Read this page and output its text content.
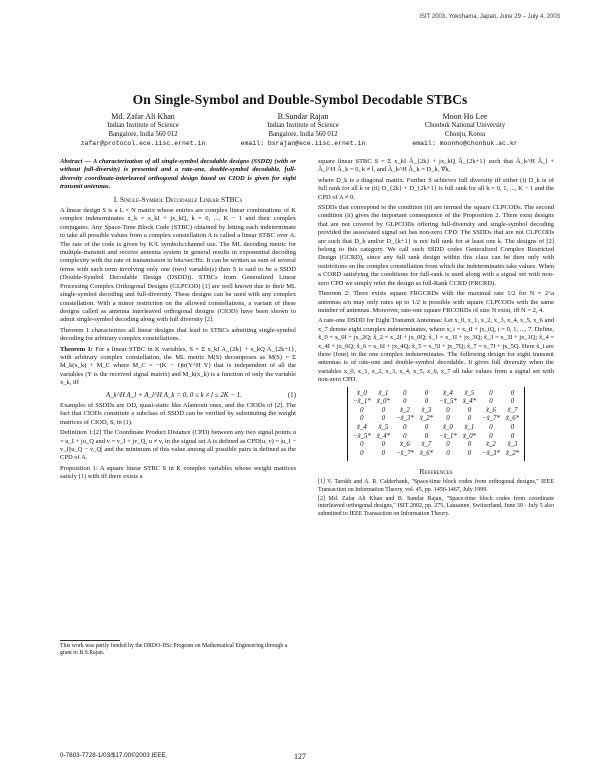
ISIT 2003, Yokohama, Japan, June 29 – July 4, 2003
On Single-Symbol and Double-Symbol Decodable STBCs
Md. Zafar Ali Khan
Indian Institute of Science
Bangalore, India 560 012
zafar@protocol.ece.iisc.ernet.in
B.Sundar Rajan
Indian Institute of Science
Bangalore, India 560 012
email: bsrajan@ece.iisc.ernet.in
Moon Ho Lee
Chonbuk National University
Chonju, Korea
email: moonho@chonbuk.ac.kr

Abstract — A characterization of all single-symbol decodable designs (SSDD) (with or without full-diversity) is presented and a rate-one, double-symbol decodable, full-diversity coordinate-interleaved orthogonal design based on CIOD is given for eight transmit antennas.

I. Single-Symbol Decodable Linear STBCs

A linear design S is a L × N matrix whose entries are complex linear combinations of K complex indeterminates x_k = x_kI + jx_kQ, k = 0, ..., K − 1 and their complex conjugates. Any Space-Time Block Code (STBC) obtained by letting each indeterminate to take all possible values from a complex constellation A is called a linear STBC over A. The rate of the code is given by K/L symbols/channel use. The ML decoding metric for multiple-transmit and receive antenna system in general results in exponential decoding complexity with the rate of transmission in bits/sec/Hz. It can be written as sum of several terms with each term involving only one (two) variable(s) then S is said to be a SSDD (Double-Symbol Decodable Design (DSDD)). STBCs from Generalized Linear Processing Complex Orthogonal Designs (GLPCOD) [1] are well known due to their ML single-symbol decoding and full-diversity. These designs can be used with any complex constellation. With a minor restriction on the allowed constellations, a variant of these designs called as antenna interleaved orthogonal designs (CIOD) have been shown to admit single-symbol decoding along with full diversity [2].

Theorem 1 characterizes all linear designs that lead to STBCs admitting single-symbol decoding for arbitrary complex constellations.

Theorem 1: For a linear STBC in K variables, S = Σ x_kI A_{2k} + x_kQ A_{2k+1}, with arbitrary complex constellation, the ML metric M(S) decomposes as M(S) = Σ M_k(x_k) + M_C where M_C = −(K − 1)tr(Y^H Y) that is independent of all the variables (Y is the received signal matrix) and M_k(x_k) is a function of only the variable x_k, iff

A_k^H A_l + A_l^H A_k = 0, 0 ≤ k ≠ l ≤ 2K − 1.	(1)

Examples of SSDDs are OD, quasi-static like Alamouti ones, and the CIODs of [2]. The fact that CIODs constitute a subclass of SSDD can be verified by substituting the weight matrices of CIOD, S, in (1).

Definition 1:[2] The Coordinate Product Distance (CPD) between any two signal points u = u_I + ju_Q and v = v_I + jv_Q, u ≠ v, in the signal set A is defined as CPD(u, v) = |u_I − v_I||u_Q − v_Q| and the minimum of this value among all possible pairs is defined as the CPD of A.

Proposition 1: A square linear STBC S in K complex variables whose weight matrices satisfy (1) with iff there exists a

This work was partly funded by the DRDO-IISc Program on Mathematical Engineering through a grant to B.S.Rajan.

square linear STBC S = Σ x_kI Â_{2k} + jx_kQ Â_{2k+1} such that Â_k^H Â_l + Â_l^H Â_k = 0, k ≠ l, and Â_k^H Â_k = D_k, ∀k,

where D_k is a diagonal matrix. Further S achieves full diversity iff either (i) D_k is of full rank for all k or (ii) D_{2k} + D_{2k+1} is full rank for all k = 0, 1, ..., K − 1 and the CPD of A ≠ 0.

SSDDs that correspond to the condition (ii) are termed the square CLPCODs. The second condition (ii) gives the important consequence of the Proposition 2. There exist designs that are not covered by GLPCODs offering full-diversity and single-symbol decoding provided the associated signal set has non-zero CPD. The SSDDs that are not CLPCODs are such that D_k and/or D_{k+1} is not full rank for at least one k. The designs of [2] belong to this category. We call such SSDD codes Generalized Complex Restricted Design (GCRD), since any full rank design within this class can be then only with restrictions on the complex constellation from which the indeterminates take values. When a CORD satisfying the conditions for full-rank is used along with a signal set with non-zero CPD we simply refer the design as full-Rank CCRD (FRCRD).

Theorem 2: There exists square FRGCRDs with the maximal rate 1/2 for N = 2^a antennas a/n may only rates up to 1/2 is possible with square CLPCODs with the same number of antennas. Moreover, rate-one square FRCORDs of size N exist, iff N = 2, 4.

A rate-one DSDD for Eight Transmit Antennas: Let x_0, x_1, x_2, x_3, x_4, x_5, x_6 and x_7 denote eight complex indeterminates, where x_i = x_iI + jx_iQ, i = 0, 1, ..., 7. Define, x̃_0 = x_0I + jx_2Q; x̃_2 = x_2I + jx_0Q; x̃_1 = x_1I + jx_3Q; x̃_3 = x_3I + jx_1Q; x̃_4 = x_4I + jx_6Q; x̃_6 = x_6I + jx_4Q; x̃_5 = x_5I + jx_7Q; x̃_7 = x_7I + jx_5Q. Here x̃_i are three (four) in the one complex indeterminates. The following design for eight transmit antennas is of rate-one and double-symbol decodable. It gives full diversity when the variables x_0, x_1, x_2, x_3, x_4, x_5, x_6, x_7 all take values from a signal set with non-zero CPD.

x̃_0	x̃_1	0	0	x̃_4	x̃_5	0	0
−x̃_1*	x̃_0*	0	0	−x̃_5*	x̃_4*	0	0
0	0	x̃_2	x̃_3	0	0	x̃_6	x̃_7
0	0	−x̃_3*	x̃_2*	0	0	−x̃_7*	x̃_6*
x̃_4	x̃_5	0	0	x̃_0	x̃_1	0	0
−x̃_5*	x̃_4*	0	0	−x̃_1*	x̃_0*	0	0
0	0	x̃_6	x̃_7	0	0	x̃_2	x̃_3
0	0	−x̃_7*	x̃_6*	0	0	−x̃_3*	x̃_2*
References

[1] V. Tarokh and A. R. Calderbank, "Space-time block codes from orthogonal designs," IEEE Transaction on Information Theory, vol. 45, pp. 1456-1467, July 1999.

[2] Md. Zafar Ali Khan and B. Sundar Rajan, "Space-time block codes from coordinate interleaved orthogonal designs," ISIT 2002, pp. 275, Lausanne, Switzerland, June 30 - July 5 also submitted to IEEE Transaction on Information Theory.

0-7803-7728-1/03/$17.00©2003 IEEE.	127
